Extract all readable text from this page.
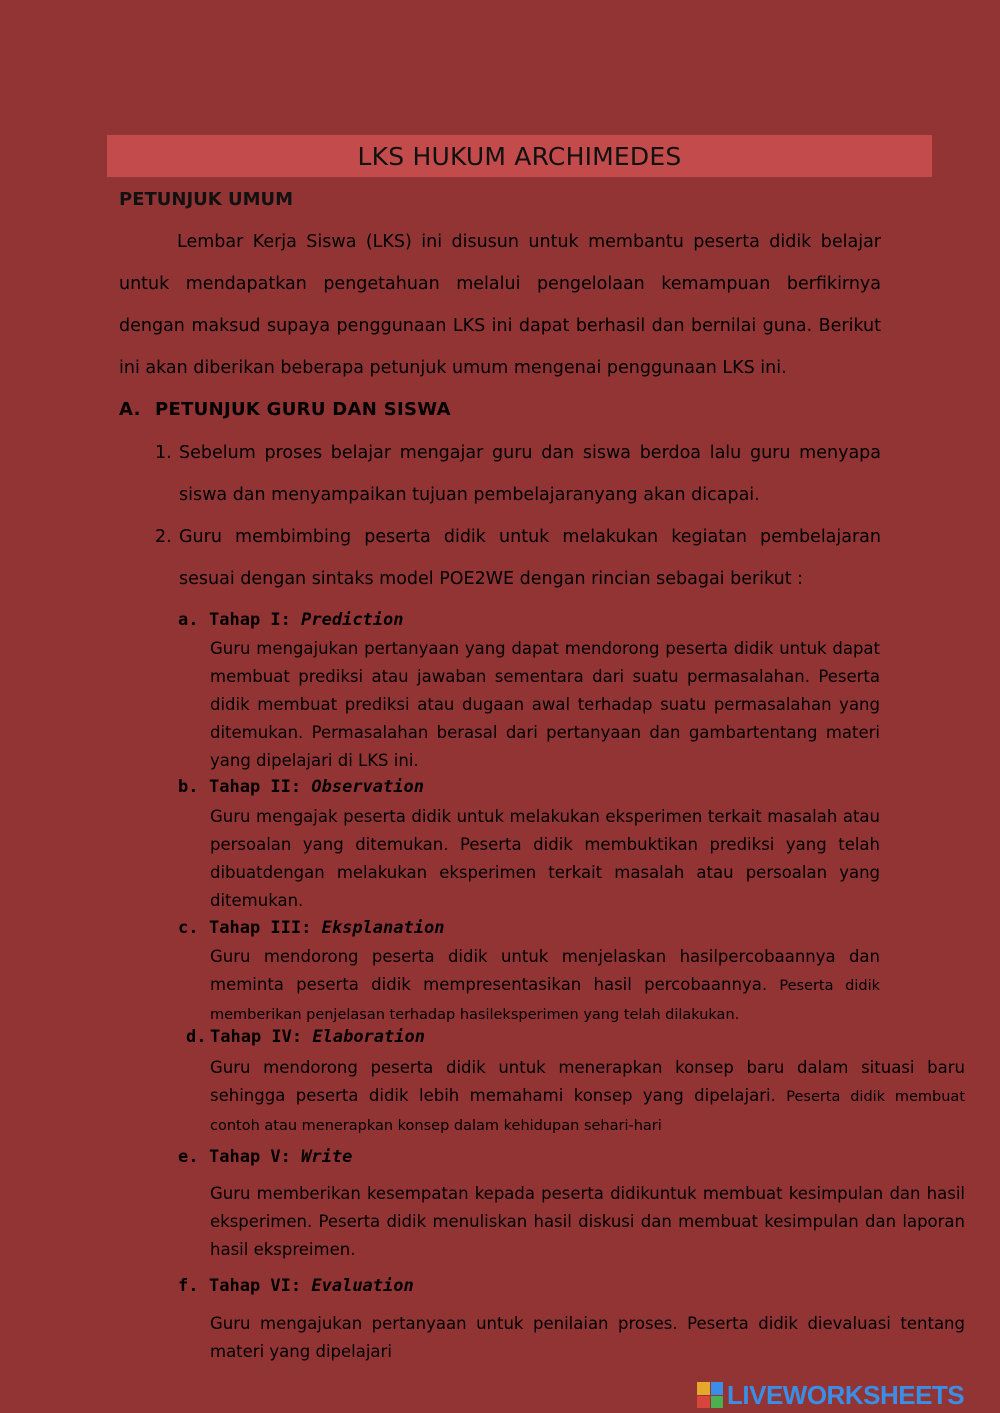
LKS HUKUM ARCHIMEDES
PETUNJUK UMUM

Lembar Kerja Siswa (LKS) ini disusun untuk membantu peserta didik belajar untuk mendapatkan pengetahuan melalui pengelolaan kemampuan berfikirnya dengan maksud supaya penggunaan LKS ini dapat berhasil dan bernilai guna. Berikut ini akan diberikan beberapa petunjuk umum mengenai penggunaan LKS ini.

A. PETUNJUK GURU DAN SISWA
1. Sebelum proses belajar mengajar guru dan siswa berdoa lalu guru menyapa siswa dan menyampaikan tujuan pembelajaranyang akan dicapai.
2. Guru membimbing peserta didik untuk melakukan kegiatan pembelajaran sesuai dengan sintaks model POE2WE dengan rincian sebagai berikut :
a. Tahap I: Prediction

Guru mengajukan pertanyaan yang dapat mendorong peserta didik untuk dapat membuat prediksi atau jawaban sementara dari suatu permasalahan. Peserta didik membuat prediksi atau dugaan awal terhadap suatu permasalahan yang ditemukan. Permasalahan berasal dari pertanyaan dan gambartentang materi yang dipelajari di LKS ini.

b. Tahap II: Observation

Guru mengajak peserta didik untuk melakukan eksperimen terkait masalah atau persoalan yang ditemukan. Peserta didik membuktikan prediksi yang telah dibuatdengan melakukan eksperimen terkait masalah atau persoalan yang ditemukan.

c. Tahap III: Eksplanation

Guru mendorong peserta didik untuk menjelaskan hasilpercobaannya dan meminta peserta didik mempresentasikan hasil percobaannya. Peserta didik memberikan penjelasan terhadap hasileksperimen yang telah dilakukan.

d. Tahap IV: Elaboration

Guru mendorong peserta didik untuk menerapkan konsep baru dalam situasi baru sehingga peserta didik lebih memahami konsep yang dipelajari. Peserta didik membuat contoh atau menerapkan konsep dalam kehidupan sehari-hari

e. Tahap V: Write

Guru memberikan kesempatan kepada peserta didikuntuk membuat kesimpulan dan hasil eksperimen. Peserta didik menuliskan hasil diskusi dan membuat kesimpulan dan laporan hasil ekspreimen.

f. Tahap VI: Evaluation

Guru mengajukan pertanyaan untuk penilaian proses. Peserta didik dievaluasi tentang materi yang dipelajari

LIVEWORKSHEETS
